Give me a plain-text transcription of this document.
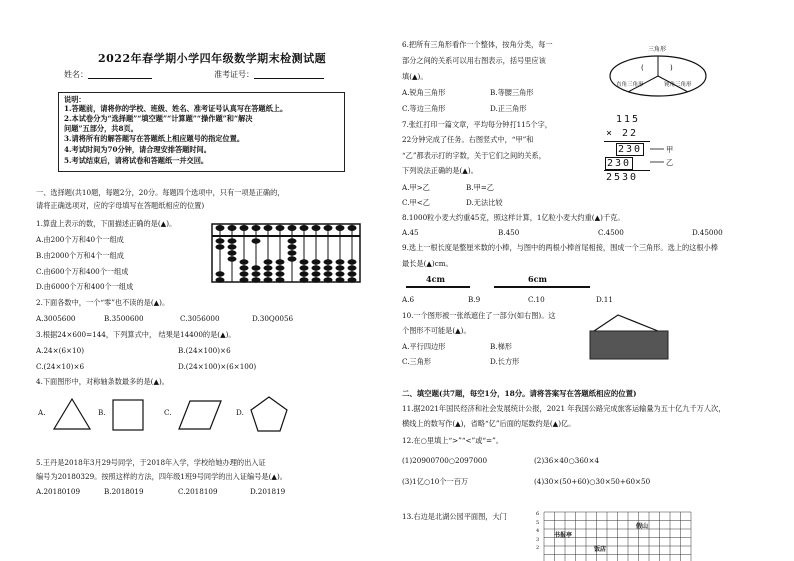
2022年春学期小学四年级数学期末检测试题
姓名：	准考证号：
说明：
1.答题前，请将你的学校、班级、姓名、准考证号认真写在答题纸上。
2.本试卷分为“选择题”“填空题”“计算题”“操作题”和“解决
问题”五部分，共8页。
3.请将所有的解答题写在答题纸上相应题号的指定位置。
4.考试时间为70分钟，请合理安排答题时间。
5.考试结束后，请将试卷和答题纸一并交回。
一、选择题(共10题，每题2分，20分。每题四个选项中，只有一项是正确的，
请将正确选项对，应的字母填写在答题纸相应的位置)
1.算盘上表示的数，下面描述正确的是(▲)。
A.由200个万和40个一组成
B.由2000个万和4个一组成
C.由600个万和400个一组成
D.由6000个万和400个一组成
2.下面各数中，一个“零”也不读的是(▲)。
A.3005600	B.3500600	C.3056000	D.30Q0056
3.根据24×600=144，下列算式中， 结果是14400的是(▲)。
A.24×(6×10)	B.(24×100)×6
C.(24×10)×6	D.(24×100)×(6×100)
4.下面图形中，对称轴条数最多的是(▲)。
A.	B.	C.	D.
5.王丹是2018年3月29号同学，于2018年入学，学校给她办理的出入证
编号为20180329。按照这样的方法，四年级1班9号同学的出入证编号是(▲)。
A.20180109	B.2018019	C.2018109	D.201819
6.把所有三角形看作一个整体，按角分类，每一
部分之间的关系可以用右图表示，括号里应该
填(▲)。
A.锐角三角形	B.等腰三角形
C.等边三角形	D.正三角形
三角形
(	)
直角三角形	钝角三角形
7.张红打印一篇文章，平均每分钟打115个字，
22分钟完成了任务。右图竖式中，“甲”和
“乙”都表示打的字数，关于它们之间的关系，
下列说法正确的是(▲)。
A.甲>乙	B.甲=乙
C.甲<乙	D.无法比较
115
× 22
230
230
2530
甲
乙
8.1000粒小麦大约重45克，照这样计算，1亿粒小麦大约重(▲)千克。
A.45	B.450	C.4500	D.45000
9.选上一根长度是整厘米数的小棒，与图中的两根小棒首尾相接，围成一个三角形。选上的这根小棒
最长是(▲)cm。
4cm	6cm
A.6	B.9	C.10	D.11
10.一个图形被一张纸遮住了一部分(如右图)。这
个图形不可能是(▲)。
A.平行四边形	B.梯形
C.三角形	D.长方形
二、填空题(共7题，每空1分，18分。请将答案写在答题纸相应的位置)
11.据2021年国民经济和社会发展统计公报，2021 年我国公路完成旅客运输量为五十亿九千万人次，
横线上的数写作(▲)，省略“亿”后面的尾数约是(▲)亿。
12.在○里填上“>”“<”或“=”。
(1)20900700○2097000	(2)36×40○360×4
(3)1亿○10个一百万	(4)30×(50+60)○30×50+60×50
13.右边是北湖公园平面图，大门
书报亭
假山
饭店
6
5
4
3
2
